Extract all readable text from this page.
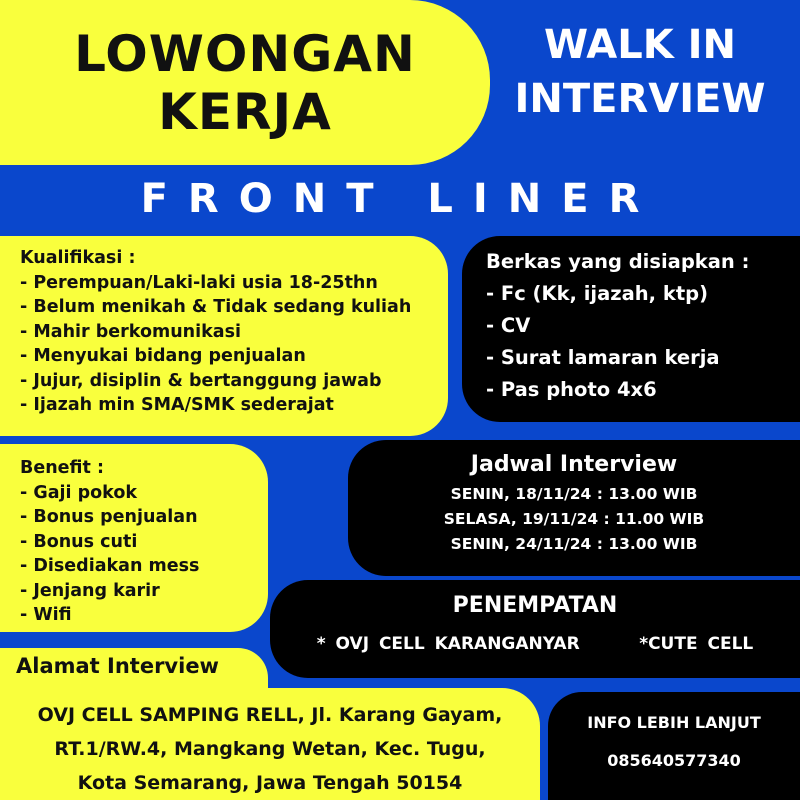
LOWONGAN
KERJA
WALK IN
INTERVIEW
FRONT LINER

Kualifikasi :

- Perempuan/Laki-laki usia 18-25thn

- Belum menikah & Tidak sedang kuliah

- Mahir berkomunikasi

- Menyukai bidang penjualan

- Jujur, disiplin & bertanggung jawab

- Ijazah min SMA/SMK sederajat

Berkas yang disiapkan :

- Fc (Kk, ijazah, ktp)

- CV

- Surat lamaran kerja

- Pas photo 4x6

Benefit :

- Gaji pokok

- Bonus penjualan

- Bonus cuti

- Disediakan mess

- Jenjang karir

- Wifi

Jadwal Interview

SENIN, 18/11/24 : 13.00 WIB

SELASA, 19/11/24 : 11.00 WIB

SENIN, 24/11/24 : 13.00 WIB

PENEMPATAN

* OVJ CELL KARANGANYAR      *CUTE CELL

Alamat Interview

OVJ CELL SAMPING RELL, Jl. Karang Gayam,

RT.1/RW.4, Mangkang Wetan, Kec. Tugu,

Kota Semarang, Jawa Tengah 50154

INFO LEBIH LANJUT

085640577340
